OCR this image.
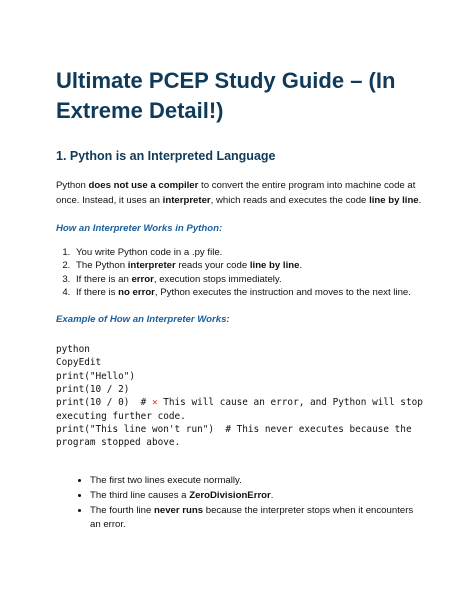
Ultimate PCEP Study Guide – (In Extreme Detail!)
1. Python is an Interpreted Language

Python does not use a compiler to convert the entire program into machine code at once. Instead, it uses an interpreter, which reads and executes the code line by line.

How an Interpreter Works in Python:
1. You write Python code in a .py file.
2. The Python interpreter reads your code line by line.
3. If there is an error, execution stops immediately.
4. If there is no error, Python executes the instruction and moves to the next line.
Example of How an Interpreter Works:
python
CopyEdit
print("Hello")
print(10 / 2)
print(10 / 0)  # ✕ This will cause an error, and Python will stop
executing further code.
print("This line won't run")  # This never executes because the
program stopped above.
• The first two lines execute normally.
• The third line causes a ZeroDivisionError.
• The fourth line never runs because the interpreter stops when it encounters an error.
